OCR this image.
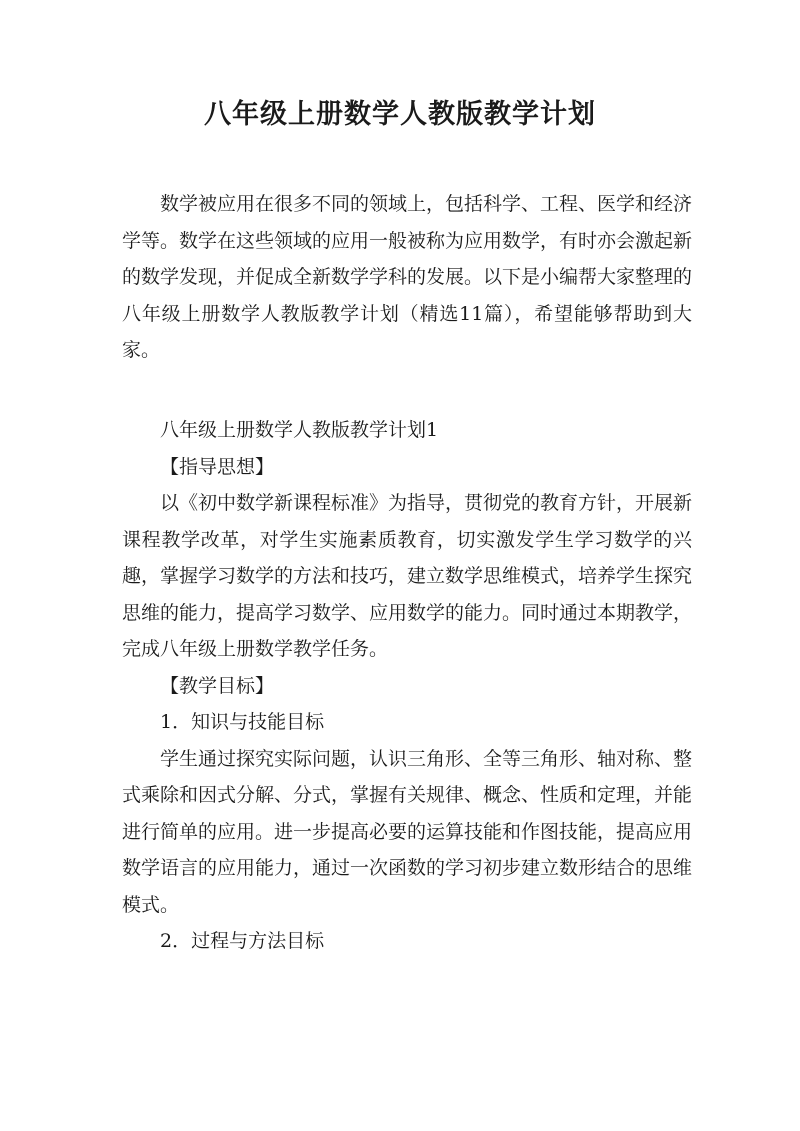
八年级上册数学人教版教学计划

数学被应用在很多不同的领域上，包括科学、工程、医学和经济学等。数学在这些领域的应用一般被称为应用数学，有时亦会激起新的数学发现，并促成全新数学学科的发展。以下是小编帮大家整理的八年级上册数学人教版教学计划（精选11篇），希望能够帮助到大家。

八年级上册数学人教版教学计划1

【指导思想】

以《初中数学新课程标准》为指导，贯彻党的教育方针，开展新课程教学改革，对学生实施素质教育，切实激发学生学习数学的兴趣，掌握学习数学的方法和技巧，建立数学思维模式，培养学生探究思维的能力，提高学习数学、应用数学的能力。同时通过本期教学，完成八年级上册数学教学任务。

【教学目标】

1．知识与技能目标

学生通过探究实际问题，认识三角形、全等三角形、轴对称、整式乘除和因式分解、分式，掌握有关规律、概念、性质和定理，并能进行简单的应用。进一步提高必要的运算技能和作图技能，提高应用数学语言的应用能力，通过一次函数的学习初步建立数形结合的思维模式。

2．过程与方法目标
